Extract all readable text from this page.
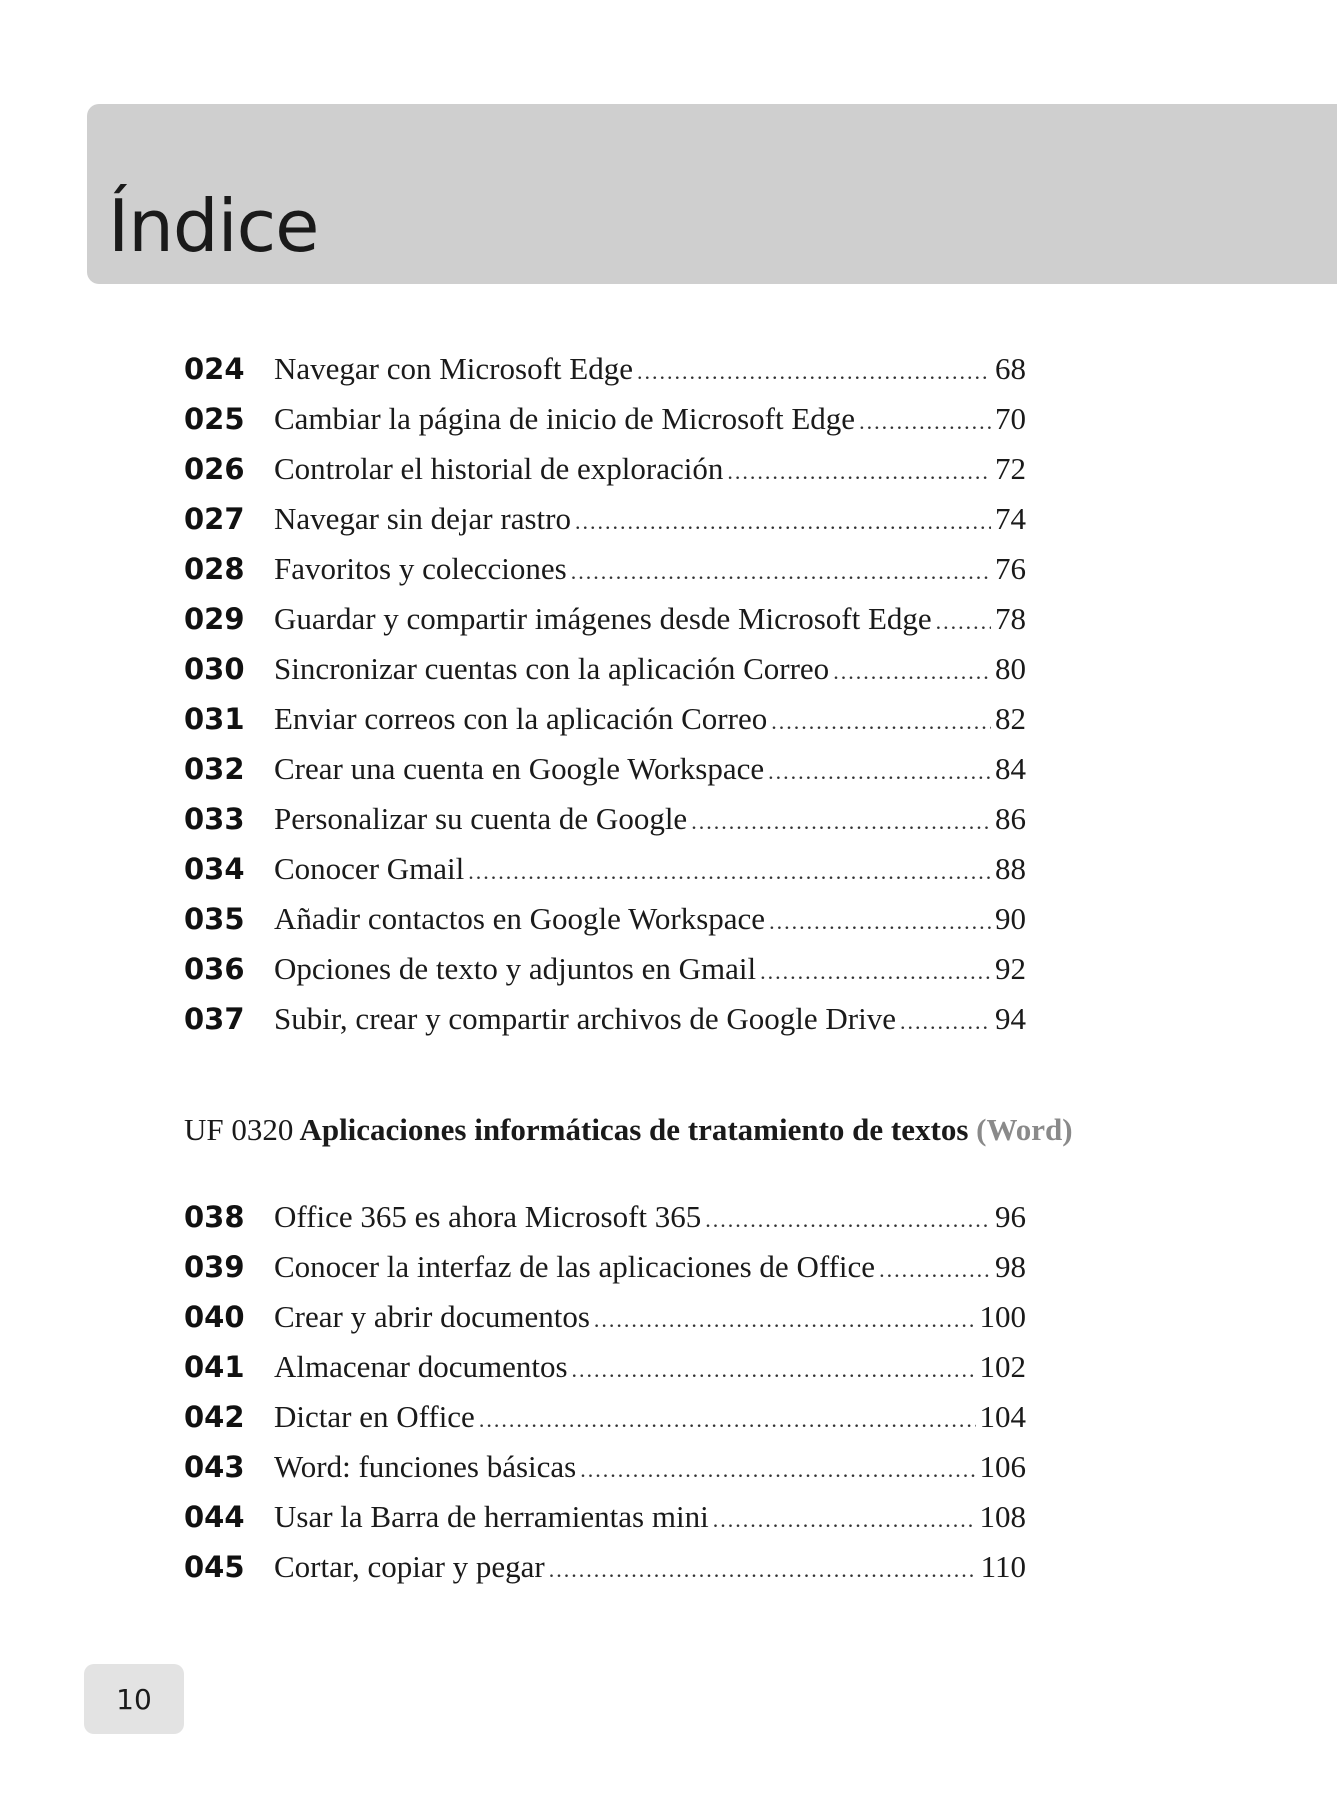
Índice
024 Navegar con Microsoft Edge .....	68
025 Cambiar la página de inicio de Microsoft Edge .....	70
026 Controlar el historial de exploración .....	72
027 Navegar sin dejar rastro .....	74
028 Favoritos y colecciones .....	76
029 Guardar y compartir imágenes desde Microsoft Edge ..... 78
030 Sincronizar cuentas con la aplicación Correo .....	80
031 Enviar correos con la aplicación Correo .....	82
032 Crear una cuenta en Google Workspace .....	84
033 Personalizar su cuenta de Google .....	86
034 Conocer Gmail .....	88
035 Añadir contactos en Google Workspace .....	90
036 Opciones de texto y adjuntos en Gmail .....	92
037 Subir, crear y compartir archivos de Google Drive .....	94
UF 0320 Aplicaciones informáticas de tratamiento de textos (Word)
038 Office 365 es ahora Microsoft 365 .....	96
039 Conocer la interfaz de las aplicaciones de Office .....	98
040 Crear y abrir documentos .....	100
041 Almacenar documentos .....	102
042 Dictar en Office .....	104
043 Word: funciones básicas .....	106
044 Usar la Barra de herramientas mini .....	108
045 Cortar, copiar y pegar .....	110
10
